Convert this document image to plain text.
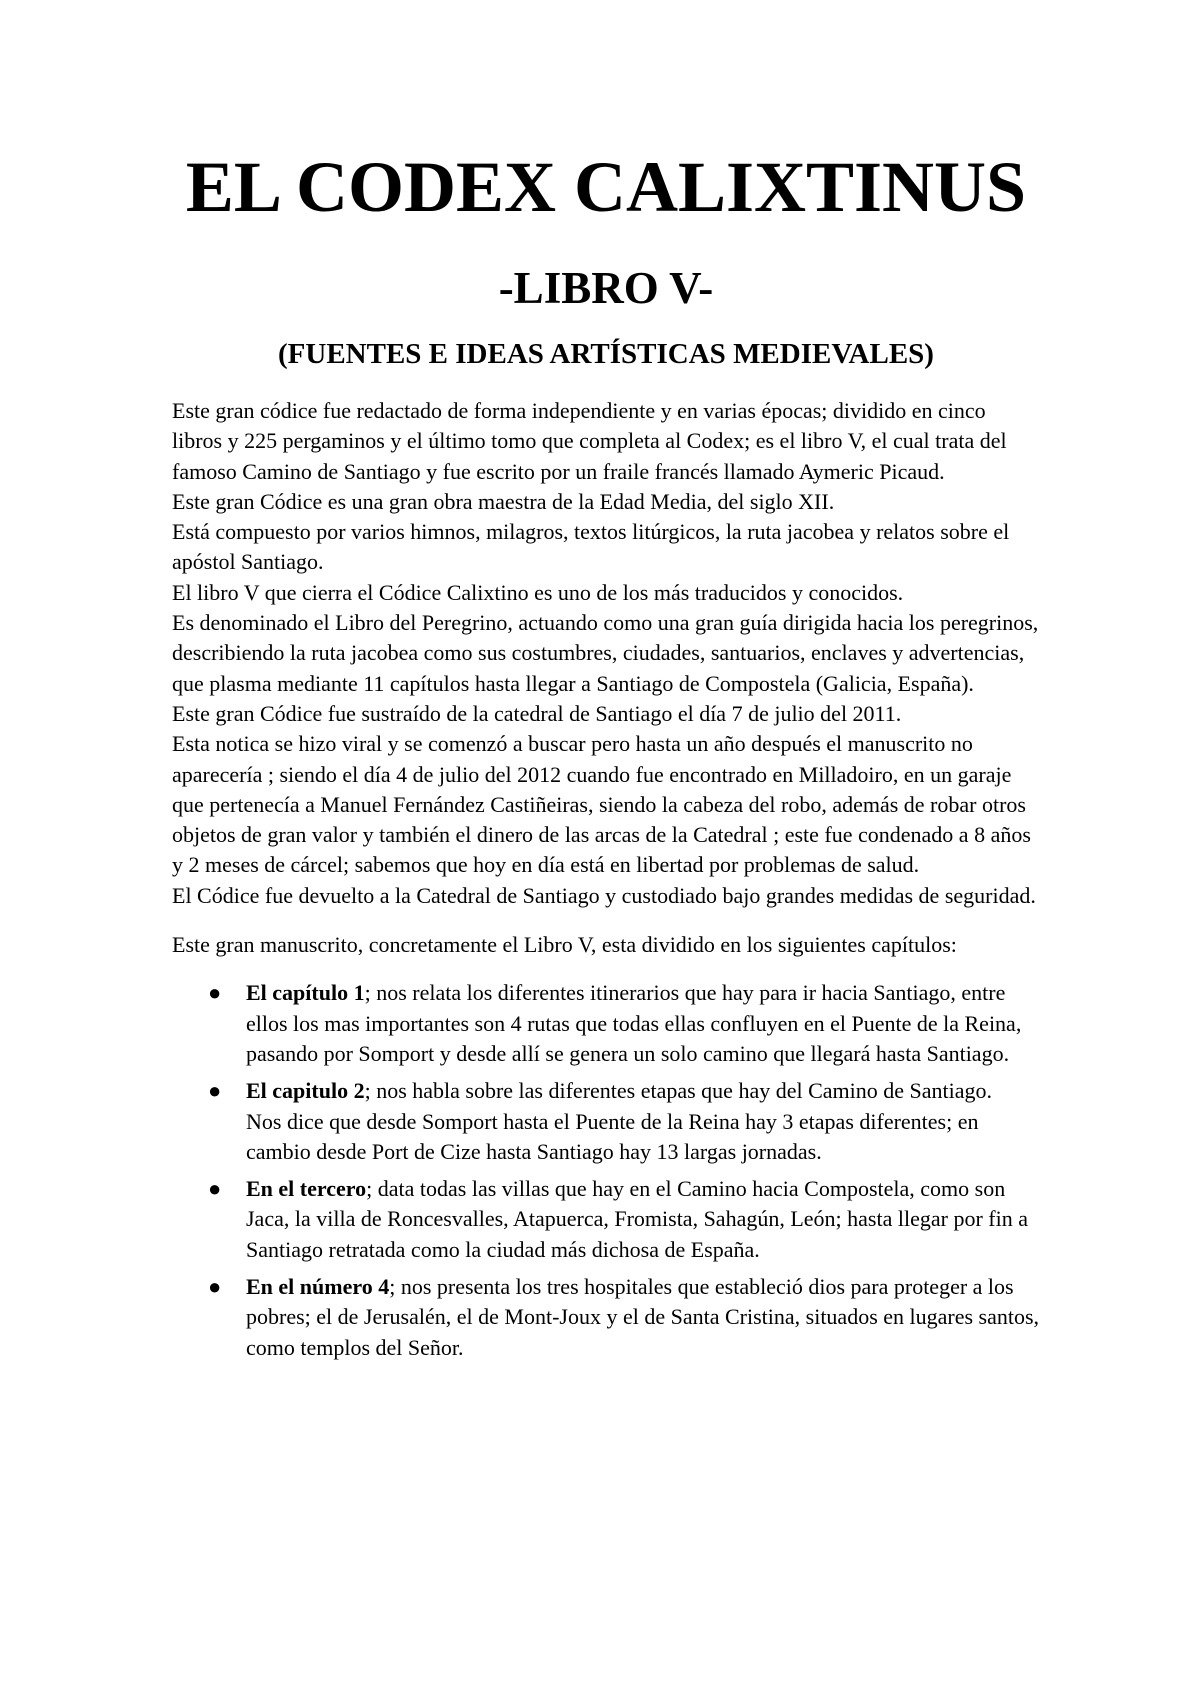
EL CODEX CALIXTINUS
-LIBRO V-
(FUENTES E IDEAS ARTÍSTICAS MEDIEVALES)

Este gran códice fue redactado de forma independiente y en varias épocas; dividido en cinco libros y 225 pergaminos y el último tomo que completa al Codex; es el libro V, el cual trata del famoso Camino de Santiago y fue escrito por un fraile francés llamado Aymeric Picaud.

Este gran Códice es una gran obra maestra de la Edad Media, del siglo XII.

Está compuesto por varios himnos, milagros, textos litúrgicos, la ruta jacobea y relatos sobre el apóstol Santiago.

El libro V que cierra el Códice Calixtino es uno de los más traducidos y conocidos.

Es denominado el Libro del Peregrino, actuando como una gran guía dirigida hacia los peregrinos, describiendo la ruta jacobea como sus costumbres, ciudades, santuarios, enclaves y advertencias, que plasma mediante 11 capítulos hasta llegar a Santiago de Compostela (Galicia, España).

Este gran Códice fue sustraído de la catedral de Santiago el día 7 de julio del 2011.

Esta notica se hizo viral y se comenzó a buscar pero hasta un año después el manuscrito no aparecería ; siendo el día 4 de julio del 2012 cuando fue encontrado en Milladoiro, en un garaje que pertenecía a Manuel Fernández Castiñeiras, siendo la cabeza del robo, además de robar otros objetos de gran valor y también el dinero de las arcas de la Catedral ; este fue condenado a 8 años y 2 meses de cárcel; sabemos que hoy en día está en libertad por problemas de salud.

El Códice fue devuelto a la Catedral de Santiago y custodiado bajo grandes medidas de seguridad.

Este gran manuscrito, concretamente el Libro V, esta dividido en los siguientes capítulos:

● El capítulo 1; nos relata los diferentes itinerarios que hay para ir hacia Santiago, entre ellos los mas importantes son 4 rutas que todas ellas confluyen en el Puente de la Reina, pasando por Somport y desde allí se genera un solo camino que llegará hasta Santiago.
● El capitulo 2; nos habla sobre las diferentes etapas que hay del Camino de Santiago.
Nos dice que desde Somport hasta el Puente de la Reina hay 3 etapas diferentes; en cambio desde Port de Cize hasta Santiago hay 13 largas jornadas.
● En el tercero; data todas las villas que hay en el Camino hacia Compostela, como son Jaca, la villa de Roncesvalles, Atapuerca, Fromista, Sahagún, León; hasta llegar por fin a Santiago retratada como la ciudad más dichosa de España.
● En el número 4; nos presenta los tres hospitales que estableció dios para proteger a los pobres; el de Jerusalén, el de Mont-Joux y el de Santa Cristina, situados en lugares santos, como templos del Señor.
